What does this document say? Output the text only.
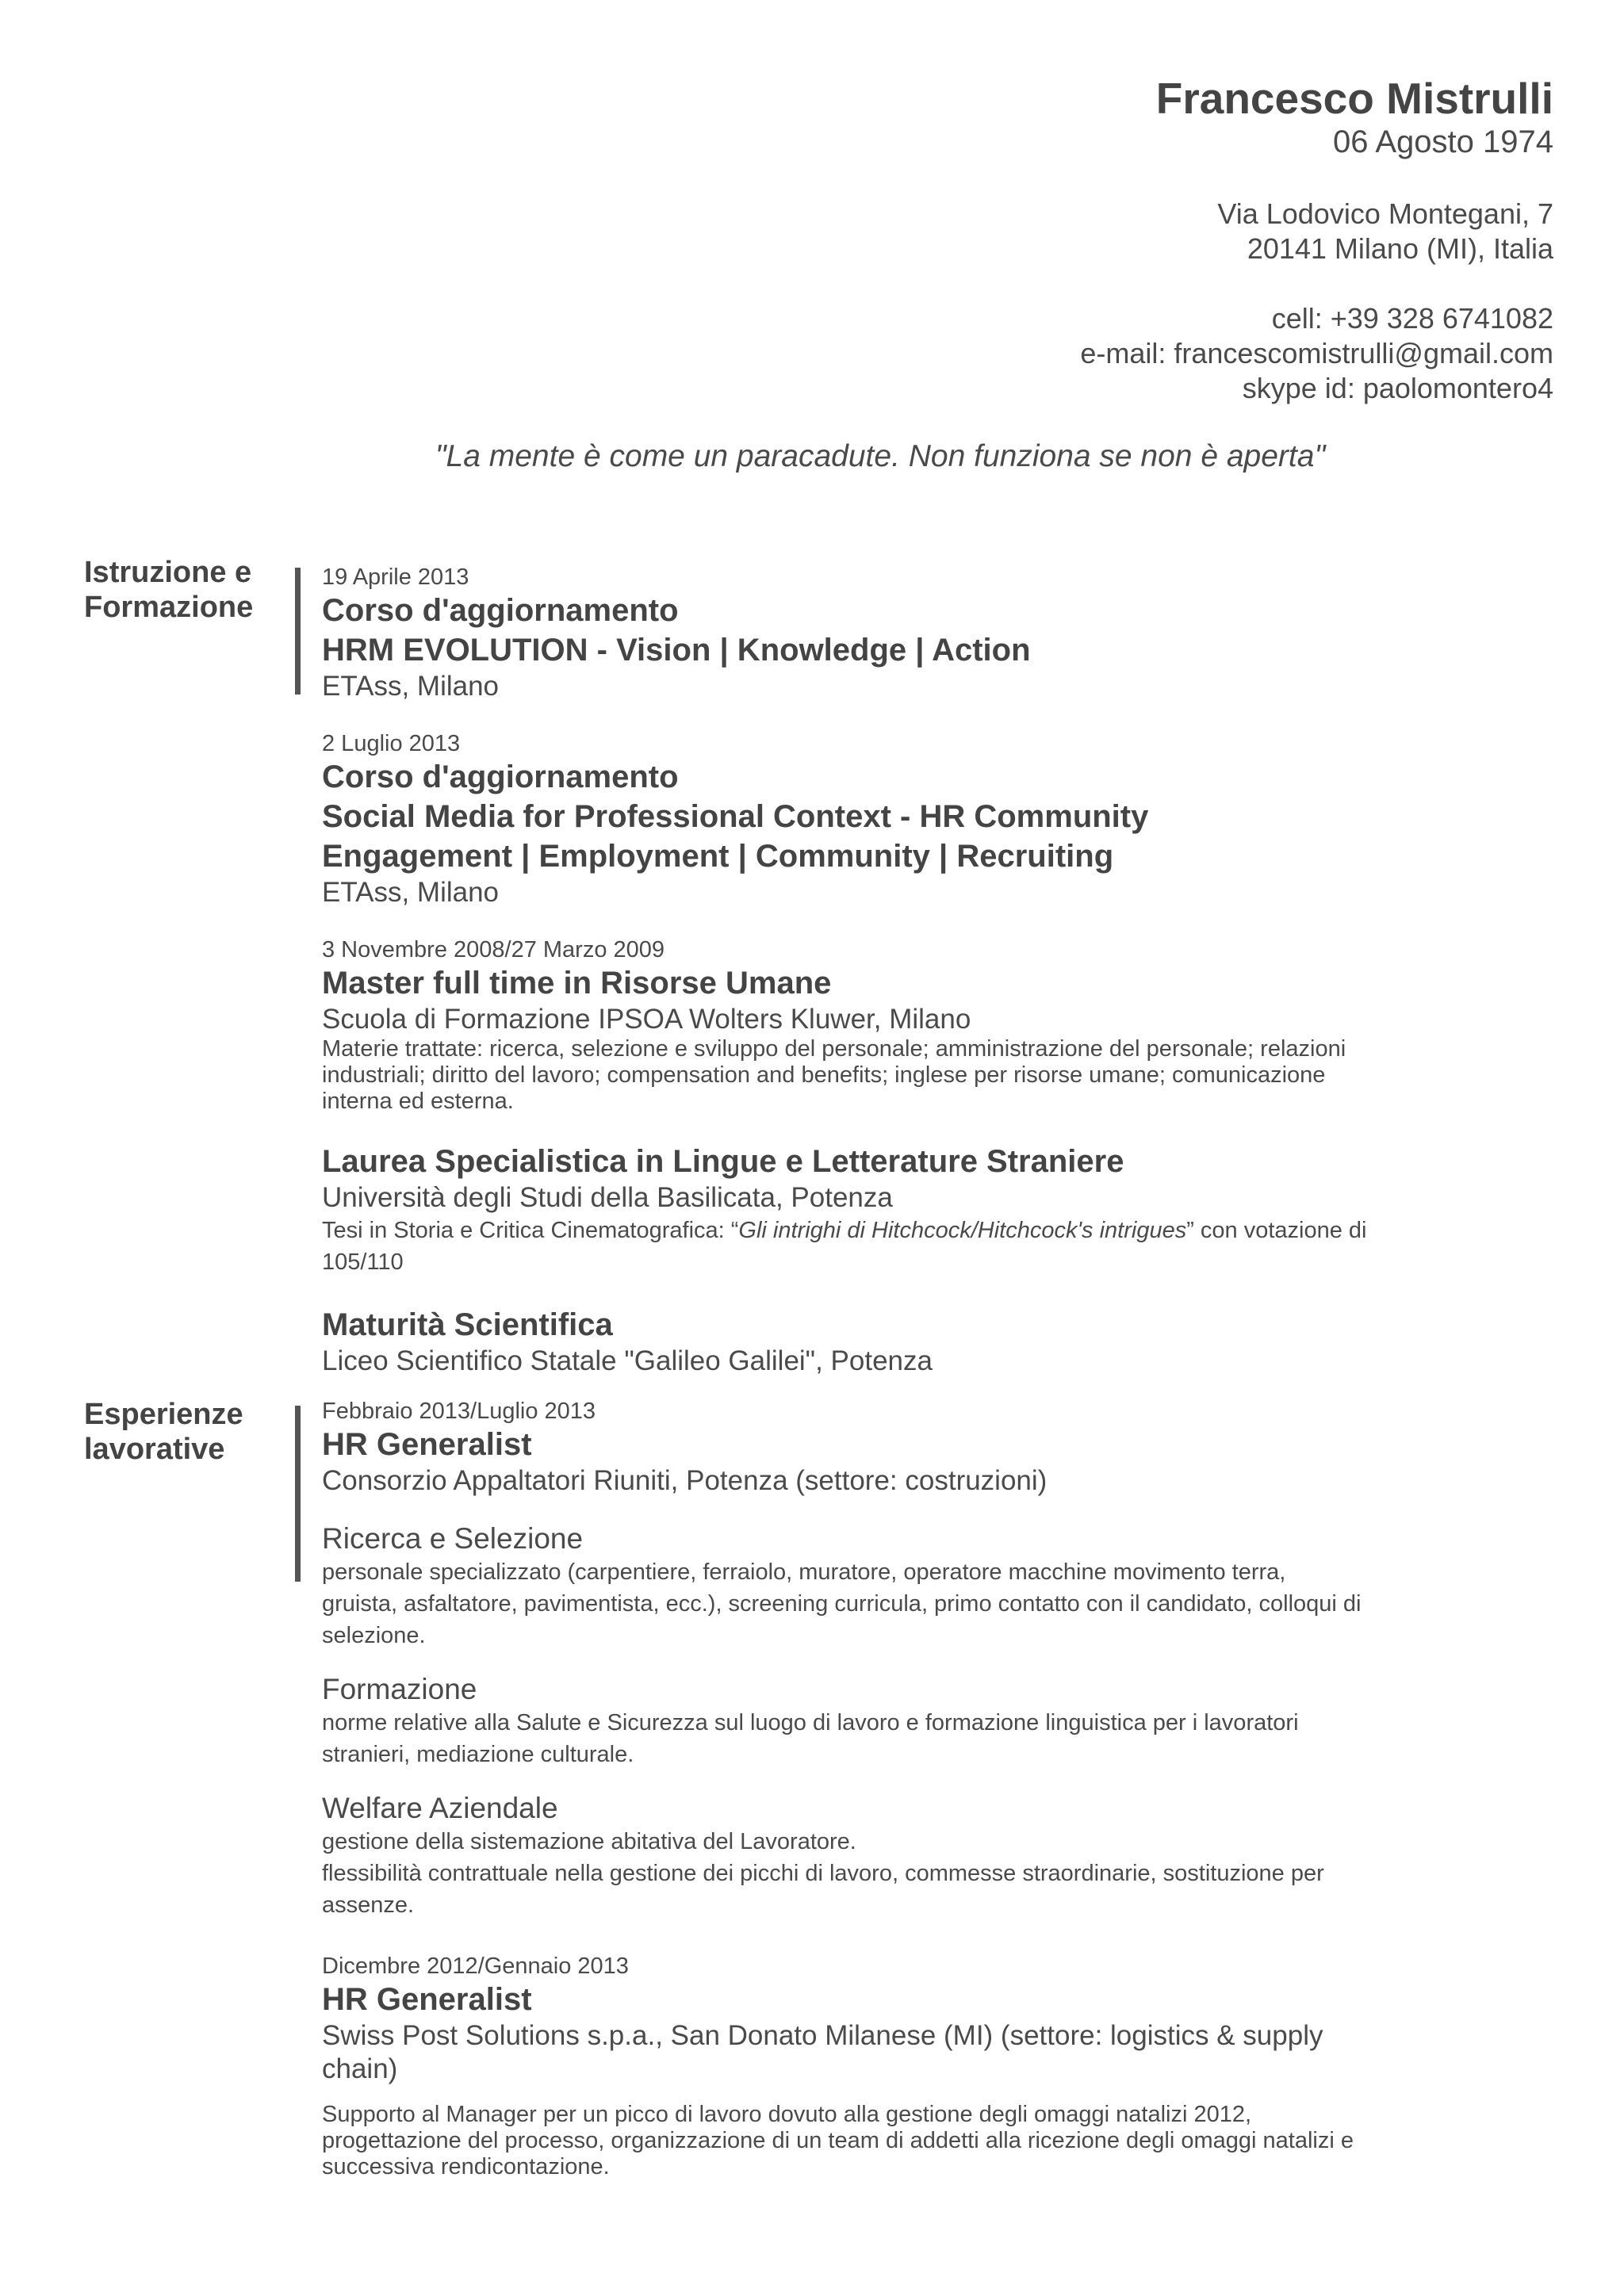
Francesco Mistrulli
06 Agosto 1974
Via Lodovico Montegani, 7
20141 Milano (MI), Italia
cell: +39 328 6741082
e-mail: francescomistrulli@gmail.com
skype id: paolomontero4
"La mente è come un paracadute. Non funziona se non è aperta"
Istruzione e
Formazione
19 Aprile 2013
Corso d'aggiornamento
HRM EVOLUTION - Vision | Knowledge | Action
ETAss, Milano
2 Luglio 2013
Corso d'aggiornamento
Social Media for Professional Context - HR Community
Engagement | Employment | Community | Recruiting
ETAss, Milano
3 Novembre 2008/27 Marzo 2009
Master full time in Risorse Umane
Scuola di Formazione IPSOA Wolters Kluwer, Milano
Materie trattate: ricerca, selezione e sviluppo del personale; amministrazione del personale; relazioni
industriali; diritto del lavoro; compensation and benefits; inglese per risorse umane; comunicazione
interna ed esterna.
Laurea Specialistica in Lingue e Letterature Straniere
Università degli Studi della Basilicata, Potenza
Tesi in Storia e Critica Cinematografica: “Gli intrighi di Hitchcock/Hitchcock's intrigues” con votazione di
105/110
Maturità Scientifica
Liceo Scientifico Statale "Galileo Galilei", Potenza
Esperienze
lavorative
Febbraio 2013/Luglio 2013
HR Generalist
Consorzio Appaltatori Riuniti, Potenza (settore: costruzioni)
Ricerca e Selezione
personale specializzato (carpentiere, ferraiolo, muratore, operatore macchine movimento terra,
gruista, asfaltatore, pavimentista, ecc.), screening curricula, primo contatto con il candidato, colloqui di
selezione.
Formazione
norme relative alla Salute e Sicurezza sul luogo di lavoro e formazione linguistica per i lavoratori
stranieri, mediazione culturale.
Welfare Aziendale
gestione della sistemazione abitativa del Lavoratore.
flessibilità contrattuale nella gestione dei picchi di lavoro, commesse straordinarie, sostituzione per
assenze.
Dicembre 2012/Gennaio 2013
HR Generalist
Swiss Post Solutions s.p.a., San Donato Milanese (MI) (settore: logistics & supply
chain)
Supporto al Manager per un picco di lavoro dovuto alla gestione degli omaggi natalizi 2012,
progettazione del processo, organizzazione di un team di addetti alla ricezione degli omaggi natalizi e
successiva rendicontazione.
